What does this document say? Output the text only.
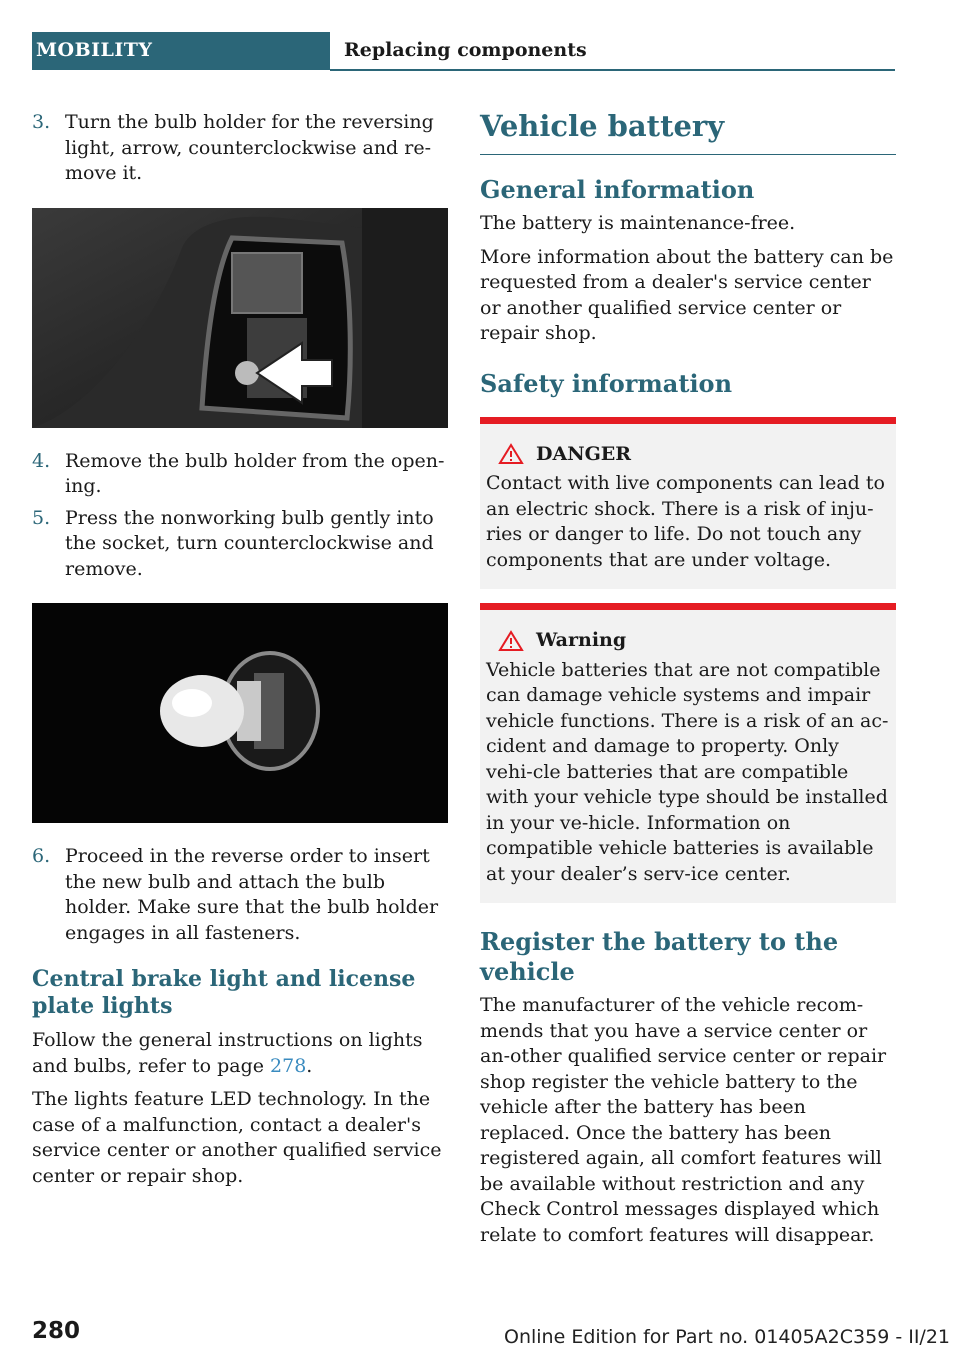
MOBILITY	Replacing components
3. Turn the bulb holder for the reversing light, arrow, counterclockwise and re-move it.
4. Remove the bulb holder from the open-ing.
5. Press the nonworking bulb gently into the socket, turn counterclockwise and remove.
6. Proceed in the reverse order to insert the new bulb and attach the bulb holder. Make sure that the bulb holder engages in all fasteners.
Central brake light and license plate lights

Follow the general instructions on lights and bulbs, refer to page 278.

The lights feature LED technology. In the case of a malfunction, contact a dealer's service center or another qualified service center or repair shop.

Vehicle battery
General information

The battery is maintenance-free.

More information about the battery can be requested from a dealer's service center or another qualified service center or repair shop.

Safety information
DANGER
Contact with live components can lead to an electric shock. There is a risk of inju-ries or danger to life. Do not touch any components that are under voltage.
Warning
Vehicle batteries that are not compatible can damage vehicle systems and impair vehicle functions. There is a risk of an ac-cident and damage to property. Only vehi-cle batteries that are compatible with your vehicle type should be installed in your ve-hicle. Information on compatible vehicle batteries is available at your dealer’s serv-ice center.
Register the battery to the vehicle

The manufacturer of the vehicle recom-mends that you have a service center or an-other qualified service center or repair shop register the vehicle battery to the vehicle after the battery has been replaced. Once the battery has been registered again, all comfort features will be available without restriction and any Check Control messages displayed which relate to comfort features will disappear.

280	Online Edition for Part no. 01405A2C359 - II/21
